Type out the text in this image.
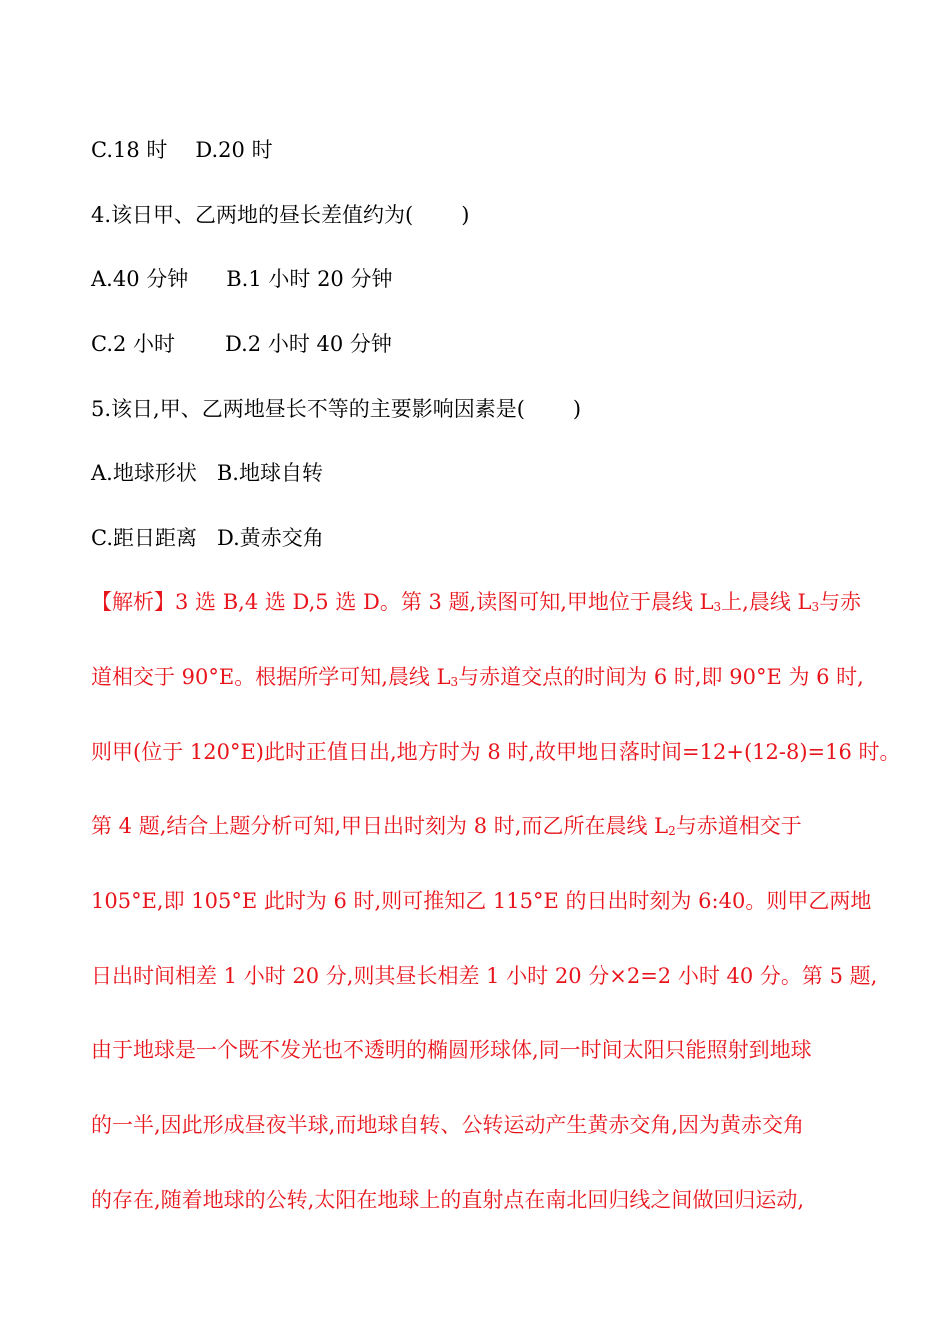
C.18 时 D.20 时
4.该日甲、乙两地的昼长差值约为( )
A.40 分钟 B.1 小时 20 分钟
C.2 小时 D.2 小时 40 分钟
5.该日,甲、乙两地昼长不等的主要影响因素是( )
A.地球形状 B.地球自转
C.距日距离 D.黄赤交角
【解析】3 选 B,4 选 D,5 选 D。第 3 题,读图可知,甲地位于晨线 $L_3$上,晨线 $L_3$与赤
道相交于 90°E。根据所学可知,晨线 $L_3$与赤道交点的时间为 6 时,即 90°E 为 6 时,
则甲(位于 120°E)此时正值日出,地方时为 8 时,故甲地日落时间=12+(12-8)=16 时。
第 4 题,结合上题分析可知,甲日出时刻为 8 时,而乙所在晨线 $L_2$与赤道相交于
105°E,即 105°E 此时为 6 时,则可推知乙 115°E 的日出时刻为 6:40。则甲乙两地
日出时间相差 1 小时 20 分,则其昼长相差 1 小时 20 分×2=2 小时 40 分。第 5 题,
由于地球是一个既不发光也不透明的椭圆形球体,同一时间太阳只能照射到地球
的一半,因此形成昼夜半球,而地球自转、公转运动产生黄赤交角,因为黄赤交角
的存在,随着地球的公转,太阳在地球上的直射点在南北回归线之间做回归运动,
